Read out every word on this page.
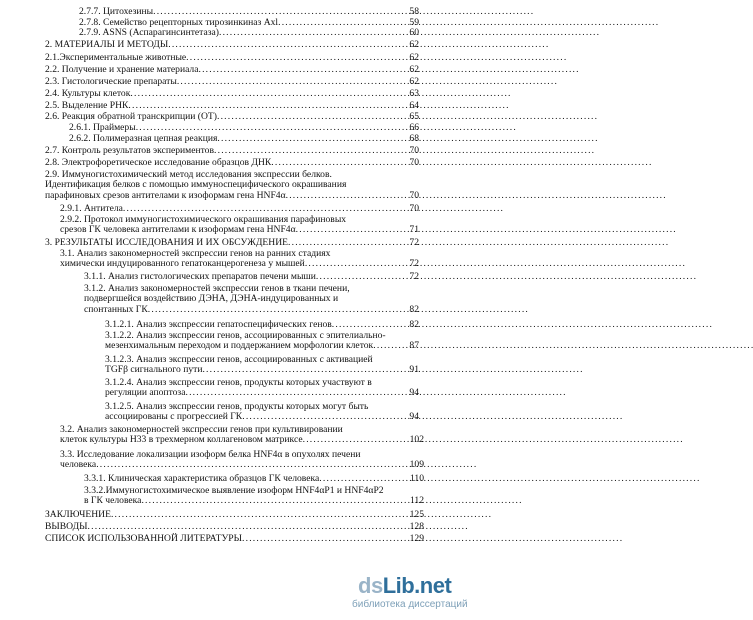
2.7.7. Цитохезины . . .	58
2.7.8. Семейство рецепторных тирозинкиназ Axl . . .	59
2.7.9. ASNS (Аспарагинсинтетаза) . . .	60
2. МАТЕРИАЛЫ И МЕТОДЫ . . .	62
2.1.Экспериментальные животные . . .	62
2.2. Получение и хранение материала . . .	62
2.3. Гистологические препараты . . .	62
2.4. Культуры клеток . . .	63
2.5. Выделение РНК . . .	64
2.6. Реакция обратной транскрипции (ОТ) . . .	65
2.6.1. Праймеры . . .	66
2.6.2. Полимеразная цепная реакция . . .	68
2.7. Контроль результатов экспериментов . . .	70
2.8. Электрофоретическое исследование образцов ДНК . . .	70
2.9. Иммуногистохимический метод исследования экспрессии белков.
Идентификация белков с помощью иммуноспецифического окрашивания
парафиновых срезов антителами к изоформам гена HNF4α . . .	70
2.9.1. Антитела . . .	70
2.9.2. Протокол иммуногистохимического окрашивания парафиновых
срезов ГК человека антителами к изоформам гена HNF4α . . .	71
3. РЕЗУЛЬТАТЫ ИССЛЕДОВАНИЯ И ИХ ОБСУЖДЕНИЕ . . .	72
3.1. Анализ закономерностей экспрессии генов на ранних стадиях
химически индуцированного гепатоканцерогенеза у мышей . . .	72
3.1.1. Анализ гистологических препаратов печени мыши . . .	72
3.1.2. Анализ закономерностей экспрессии генов в ткани печени,
подвергшейся воздействию ДЭНА, ДЭНА-индуцированных и
спонтанных ГК . . .	82
3.1.2.1. Анализ экспрессии гепатоспецифических генов . . .	82
3.1.2.2. Анализ экспрессии генов, ассоциированных с эпителиально-
мезенхимальным переходом и поддержанием морфологии клеток . . .	87
3.1.2.3. Анализ экспрессии генов, ассоциированных с активацией
TGFβ сигнального пути . . .	91
3.1.2.4. Анализ экспрессии генов, продукты которых участвуют в
регуляции апоптоза . . .	94
3.1.2.5. Анализ экспрессии генов, продукты которых могут быть
ассоциированы с прогрессией ГК . . .	94
3.2. Анализ закономерностей экспрессии генов при культивировании
клеток культуры H33 в трехмерном коллагеновом матриксе . . .	102
3.3. Исследование локализации изоформ белка HNF4α в опухолях печени
человека . . .	109
3.3.1. Клиническая характеристика образцов ГК человека . . .	110
3.3.2.Иммуногистохимическое выявление изоформ HNF4αP1 и HNF4αP2
в ГК человека . . .	112
ЗАКЛЮЧЕНИЕ . . .	125
ВЫВОДЫ . . .	128
СПИСОК ИСПОЛЬЗОВАННОЙ ЛИТЕРАТУРЫ . . .	129
dsLib.net
библиотека диссертаций
